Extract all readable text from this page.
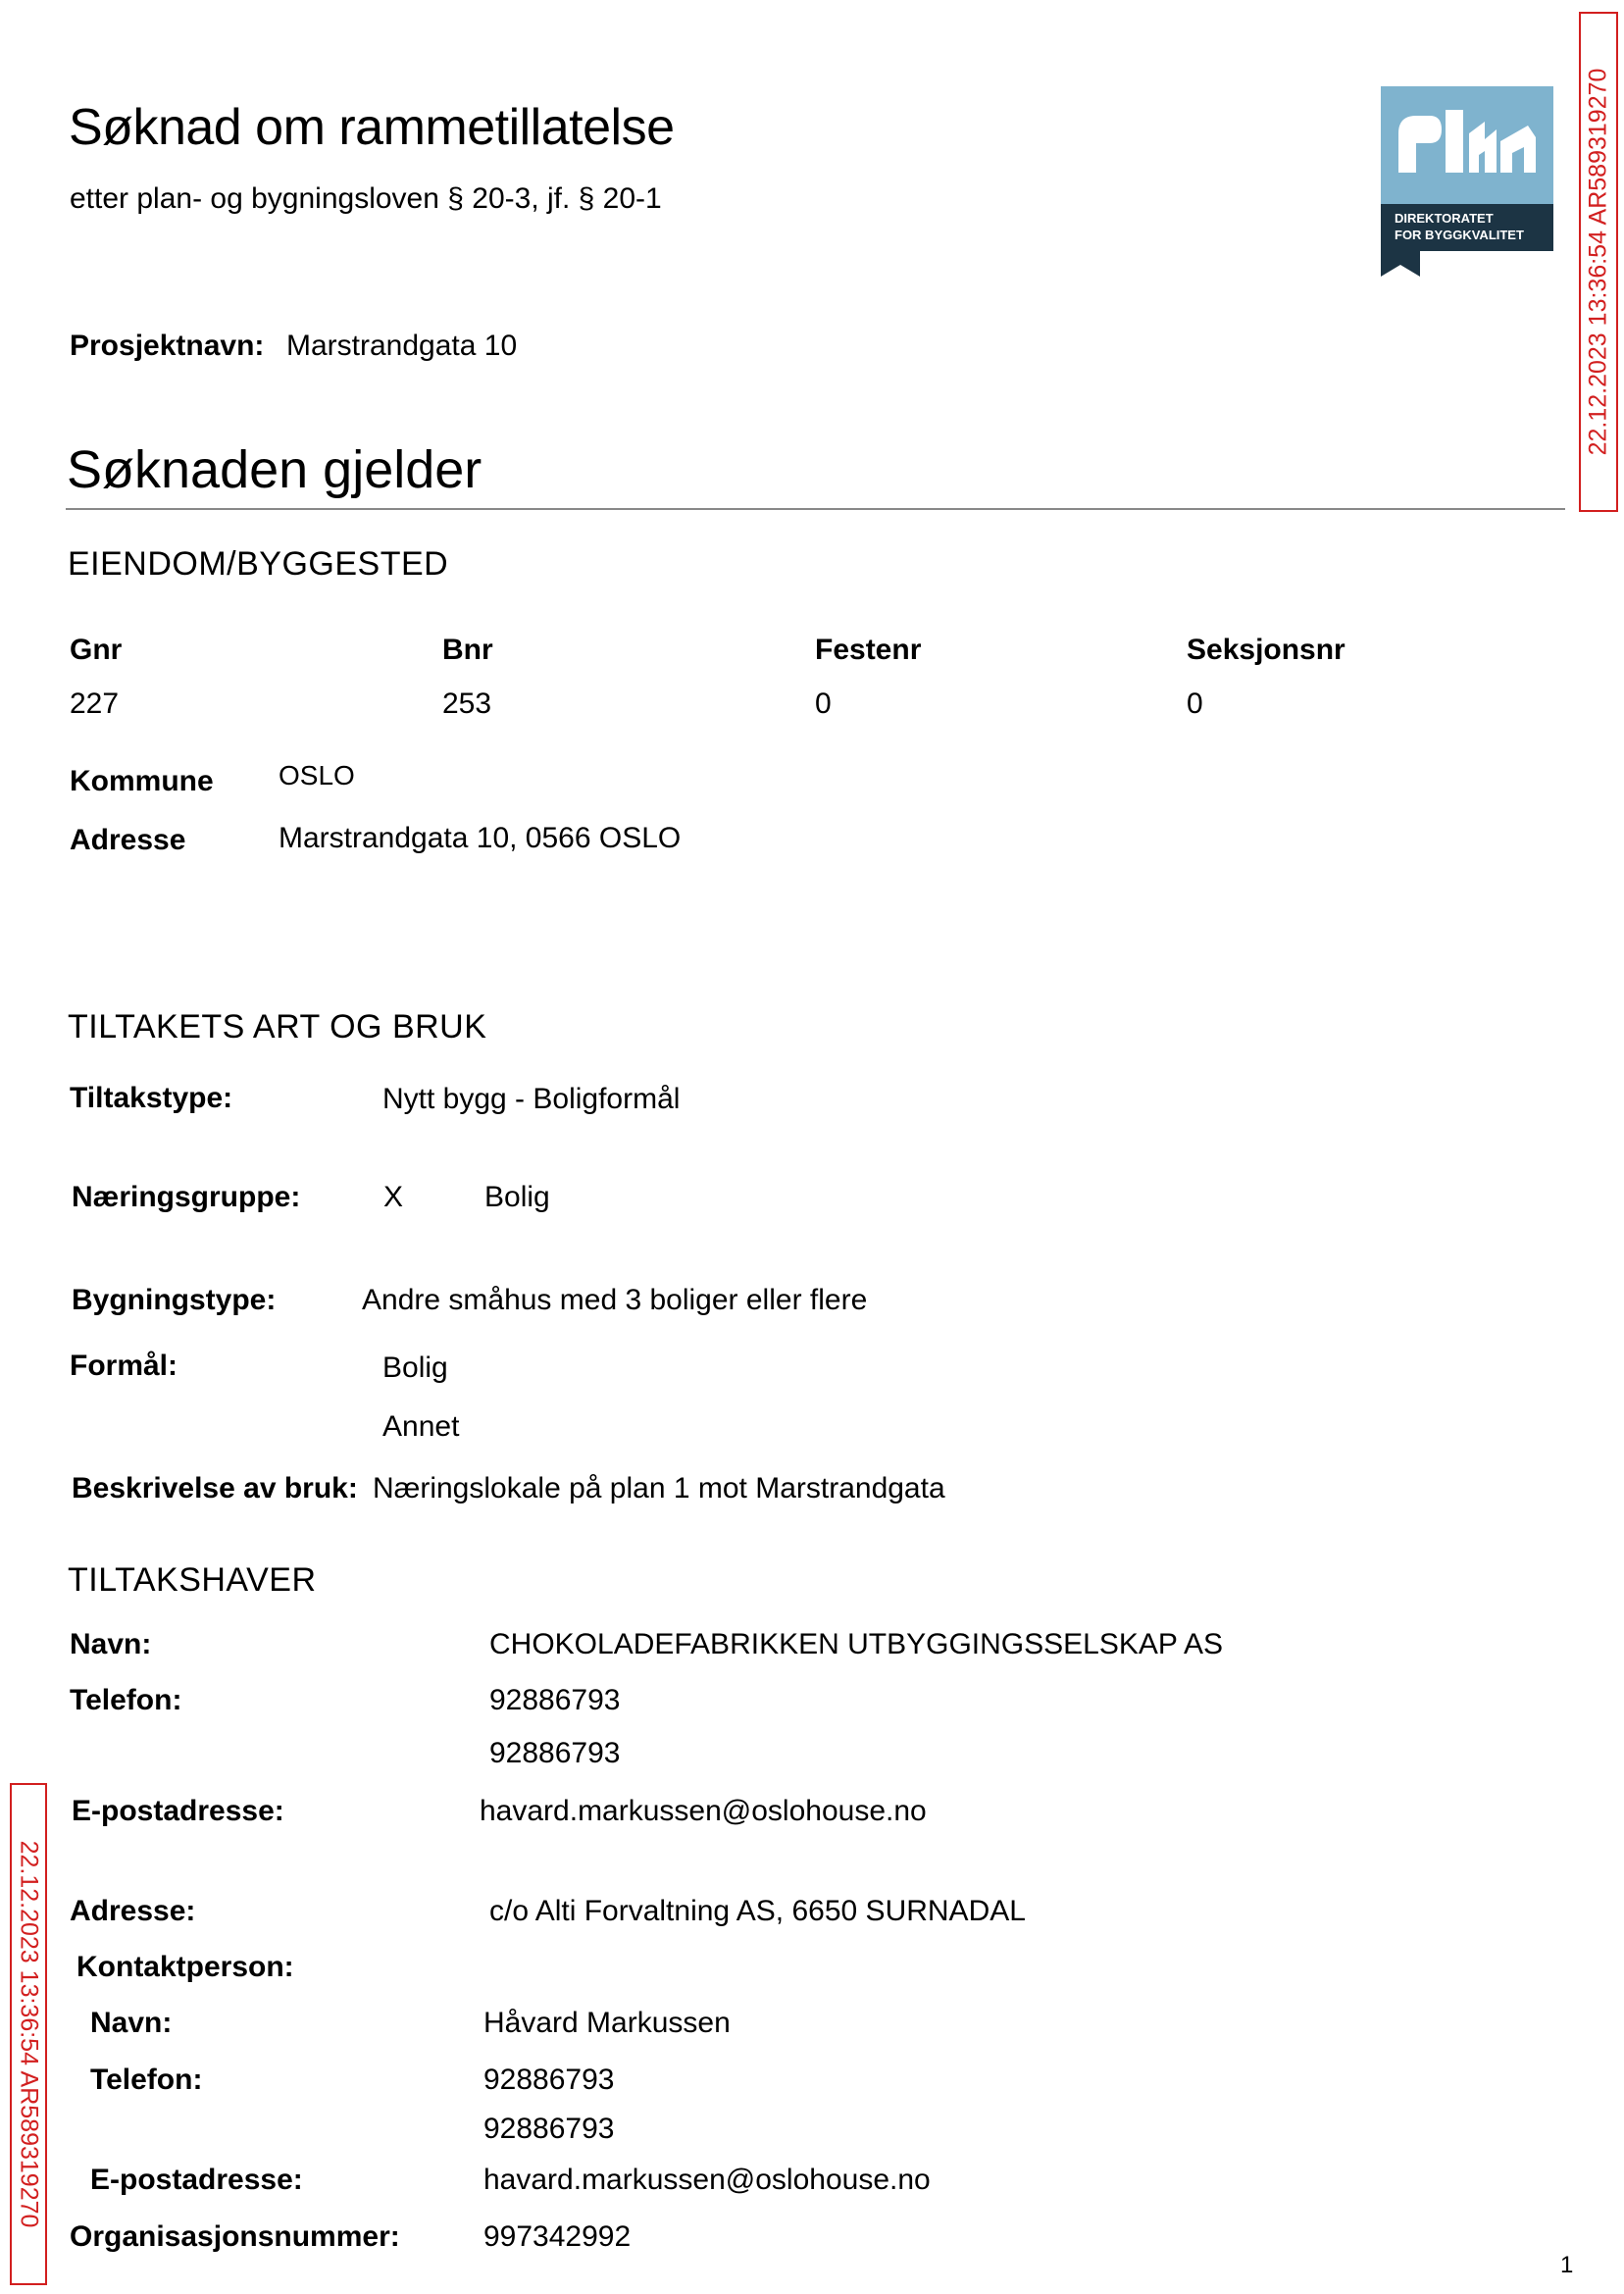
Søknad om rammetillatelse
etter plan- og bygningsloven § 20-3, jf. § 20-1
DIREKTORATET
FOR BYGGKVALITET 22.12.2023 13:36:54 AR589319270
Prosjektnavn: Marstrandgata 10
Søknaden gjelder
EIENDOM/BYGGESTED
Gnr	Bnr	Festenr	Seksjonsnr
227	253	0	0
Kommune OSLO
Adresse	Marstrandgata 10, 0566 OSLO
TILTAKETS ART OG BRUK
Tiltakstype:	Nytt bygg - Boligformål
Næringsgruppe:	X	Bolig
Bygningstype:	Andre småhus med 3 boliger eller flere
Formål:	Bolig
Annet
Beskrivelse av bruk: Næringslokale på plan 1 mot Marstrandgata
TILTAKSHAVER
Navn:	CHOKOLADEFABRIKKEN UTBYGGINGSSELSKAP AS
Telefon:	92886793
92886793
E-postadresse:	havard.markussen@oslohouse.no
Adresse:	c/o Alti Forvaltning AS, 6650 SURNADAL
Kontaktperson:
Navn:	Håvard Markussen
Telefon:	92886793
92886793
E-postadresse:	havard.markussen@oslohouse.no
Organisasjonsnummer:	997342992
22.12.2023 13:36:54 AR589319270
1
